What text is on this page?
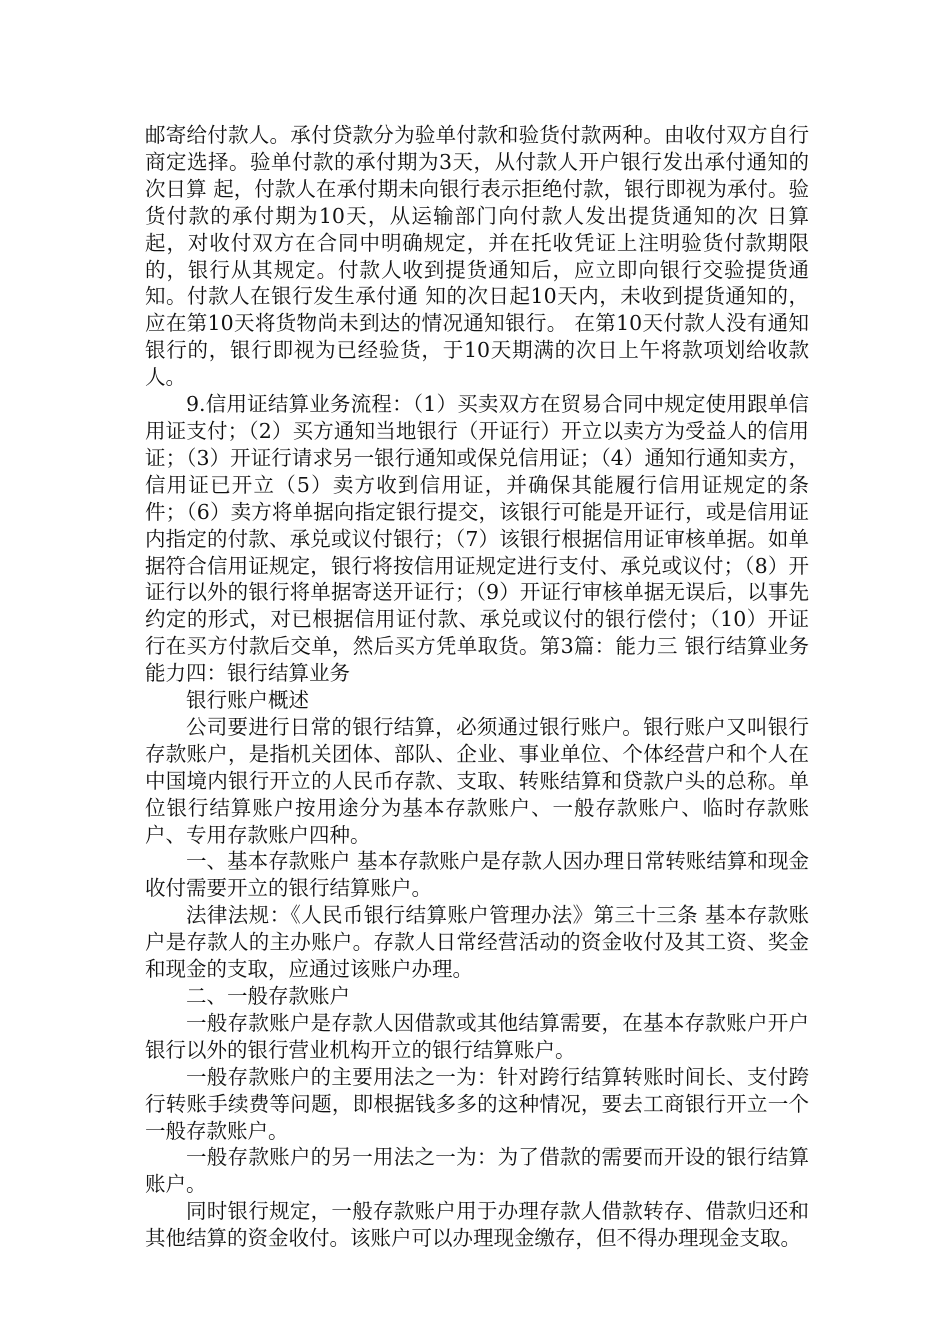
邮寄给付款人。承付贷款分为验单付款和验货付款两种。由收付双方自行商定选择。验单付款的承付期为3天，从付款人开户银行发出承付通知的次日算 起，付款人在承付期未向银行表示拒绝付款，银行即视为承付。验货付款的承付期为10天，从运输部门向付款人发出提货通知的次 日算起，对收付双方在合同中明确规定，并在托收凭证上注明验货付款期限的，银行从其规定。付款人收到提货通知后，应立即向银行交验提货通知。付款人在银行发生承付通 知的次日起10天内，未收到提货通知的，应在第10天将货物尚未到达的情况通知银行。 在第10天付款人没有通知银行的，银行即视为已经验货，于10天期满的次日上午将款项划给收款人。

9.信用证结算业务流程：（1）买卖双方在贸易合同中规定使用跟单信用证支付；（2）买方通知当地银行（开证行）开立以卖方为受益人的信用证；（3）开证行请求另一银行通知或保兑信用证；（4）通知行通知卖方，信用证已开立（5）卖方收到信用证，并确保其能履行信用证规定的条件；（6）卖方将单据向指定银行提交，该银行可能是开证行，或是信用证内指定的付款、承兑或议付银行；（7）该银行根据信用证审核单据。如单据符合信用证规定，银行将按信用证规定进行支付、承兑或议付；（8）开证行以外的银行将单据寄送开证行；（9）开证行审核单据无误后，以事先约定的形式，对已根据信用证付款、承兑或议付的银行偿付；（10）开证行在买方付款后交单，然后买方凭单取货。第3篇：能力三 银行结算业务能力四：银行结算业务

银行账户概述

公司要进行日常的银行结算，必须通过银行账户。银行账户又叫银行存款账户，是指机关团体、部队、企业、事业单位、个体经营户和个人在中国境内银行开立的人民币存款、支取、转账结算和贷款户头的总称。单位银行结算账户按用途分为基本存款账户、一般存款账户、临时存款账户、专用存款账户四种。

一、基本存款账户 基本存款账户是存款人因办理日常转账结算和现金收付需要开立的银行结算账户。

法律法规：《人民币银行结算账户管理办法》第三十三条 基本存款账户是存款人的主办账户。存款人日常经营活动的资金收付及其工资、奖金和现金的支取，应通过该账户办理。

二、一般存款账户

一般存款账户是存款人因借款或其他结算需要，在基本存款账户开户银行以外的银行营业机构开立的银行结算账户。

一般存款账户的主要用法之一为：针对跨行结算转账时间长、支付跨行转账手续费等问题，即根据钱多多的这种情况，要去工商银行开立一个一般存款账户。

一般存款账户的另一用法之一为：为了借款的需要而开设的银行结算账户。

同时银行规定，一般存款账户用于办理存款人借款转存、借款归还和其他结算的资金收付。该账户可以办理现金缴存，但不得办理现金支取。
